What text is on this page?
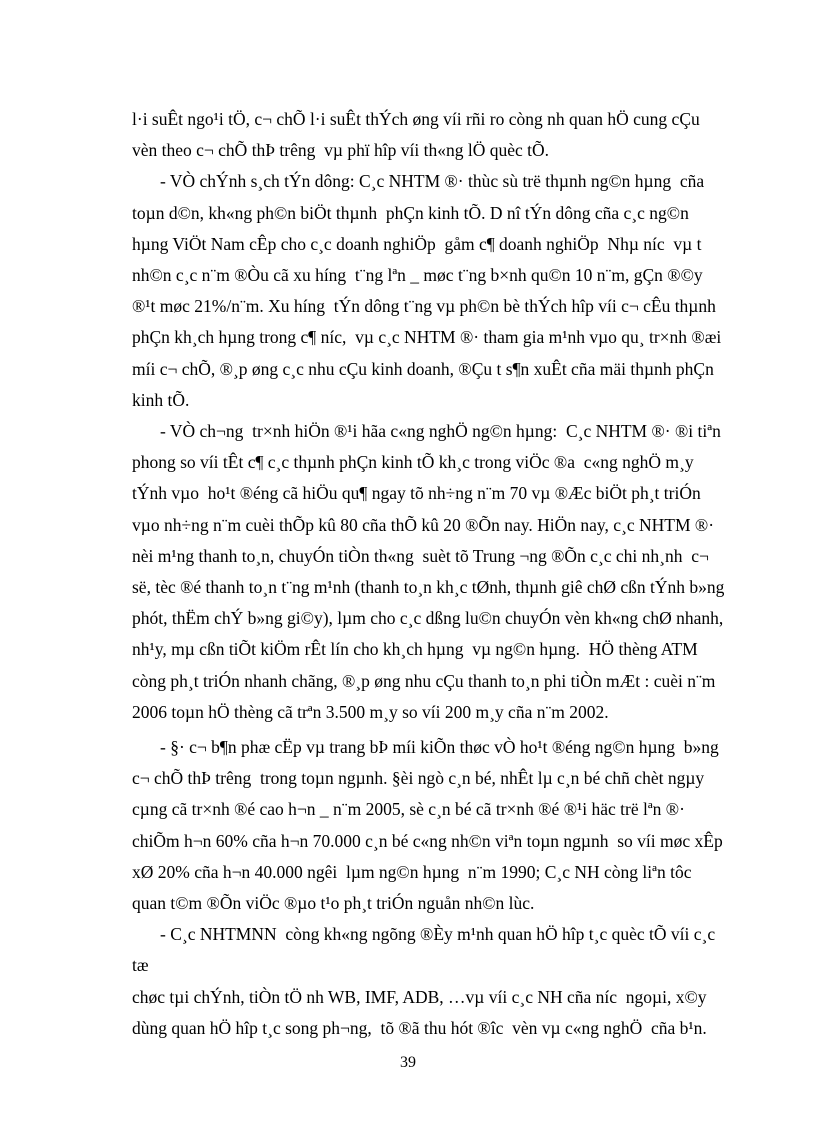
l·i suÊt ngo¹i tÖ, c¬ chÕ l·i suÊt thÝch øng víi rñi ro còng nh quan hÖ cung cÇu
vèn theo c¬ chÕ thÞ trêng  vµ phï hîp víi th«ng lÖ quèc tÕ.
- VÒ chÝnh s¸ch tÝn dông: C¸c NHTM ®· thùc sù trë thµnh ng©n hµng  cña
toµn d©n, kh«ng ph©n biÖt thµnh  phÇn kinh tÕ. D nî tÝn dông cña c¸c ng©n
hµng ViÖt Nam cÊp cho c¸c doanh nghiÖp  gåm c¶ doanh nghiÖp  Nhµ níc  vµ t
nh©n c¸c n¨m ®Òu cã xu híng  t¨ng lªn _ møc t¨ng b×nh qu©n 10 n¨m, gÇn ®©y
®¹t møc 21%/n¨m. Xu híng  tÝn dông t¨ng vµ ph©n bè thÝch hîp víi c¬ cÊu thµnh
phÇn kh¸ch hµng trong c¶ níc,  vµ c¸c NHTM ®· tham gia m¹nh vµo qu¸ tr×nh ®æi
míi c¬ chÕ, ®¸p øng c¸c nhu cÇu kinh doanh, ®Çu t s¶n xuÊt cña mäi thµnh phÇn
kinh tÕ.
- VÒ ch¬ng  tr×nh hiÖn ®¹i hãa c«ng nghÖ ng©n hµng:  C¸c NHTM ®· ®i tiªn
phong so víi tÊt c¶ c¸c thµnh phÇn kinh tÕ kh¸c trong viÖc ®a  c«ng nghÖ m¸y
tÝnh vµo  ho¹t ®éng cã hiÖu qu¶ ngay tõ nh÷ng n¨m 70 vµ ®Æc biÖt ph¸t triÓn
vµo nh÷ng n¨m cuèi thÕp kû 80 cña thÕ kû 20 ®Õn nay. HiÖn nay, c¸c NHTM ®·
nèi m¹ng thanh to¸n, chuyÓn tiÒn th«ng  suèt tõ Trung ¬ng ®Õn c¸c chi nh¸nh  c¬
së, tèc ®é thanh to¸n t¨ng m¹nh (thanh to¸n kh¸c tØnh, thµnh giê chØ cßn tÝnh b»ng
phót, thËm chÝ b»ng gi©y), lµm cho c¸c dßng lu©n chuyÓn vèn kh«ng chØ nhanh,
nh¹y, mµ cßn tiÕt kiÖm rÊt lín cho kh¸ch hµng  vµ ng©n hµng.  HÖ thèng ATM
còng ph¸t triÓn nhanh chãng, ®¸p øng nhu cÇu thanh to¸n phi tiÒn mÆt : cuèi n¨m
2006 toµn hÖ thèng cã trªn 3.500 m¸y so víi 200 m¸y cña n¨m 2002.
- §· c¬ b¶n phæ cËp vµ trang bÞ míi kiÕn thøc vÒ ho¹t ®éng ng©n hµng  b»ng
c¬ chÕ thÞ trêng  trong toµn ngµnh. §èi ngò c¸n bé, nhÊt lµ c¸n bé chñ chèt ngµy
cµng cã tr×nh ®é cao h¬n _ n¨m 2005, sè c¸n bé cã tr×nh ®é ®¹i häc trë lªn ®·
chiÕm h¬n 60% cña h¬n 70.000 c¸n bé c«ng nh©n viªn toµn ngµnh  so víi møc xÊp
xØ 20% cña h¬n 40.000 ngêi  lµm ng©n hµng  n¨m 1990; C¸c NH còng liªn tôc
quan t©m ®Õn viÖc ®µo t¹o ph¸t triÓn nguån nh©n lùc.
- C¸c NHTMNN  còng kh«ng ngõng ®Èy m¹nh quan hÖ hîp t¸c quèc tÕ víi c¸c
tæ
chøc tµi chÝnh, tiÒn tÖ nh WB, IMF, ADB, …vµ víi c¸c NH cña níc  ngoµi, x©y
dùng quan hÖ hîp t¸c song ph¬ng,  tõ ®ã thu hót ®îc  vèn vµ c«ng nghÖ  cña b¹n.
39
